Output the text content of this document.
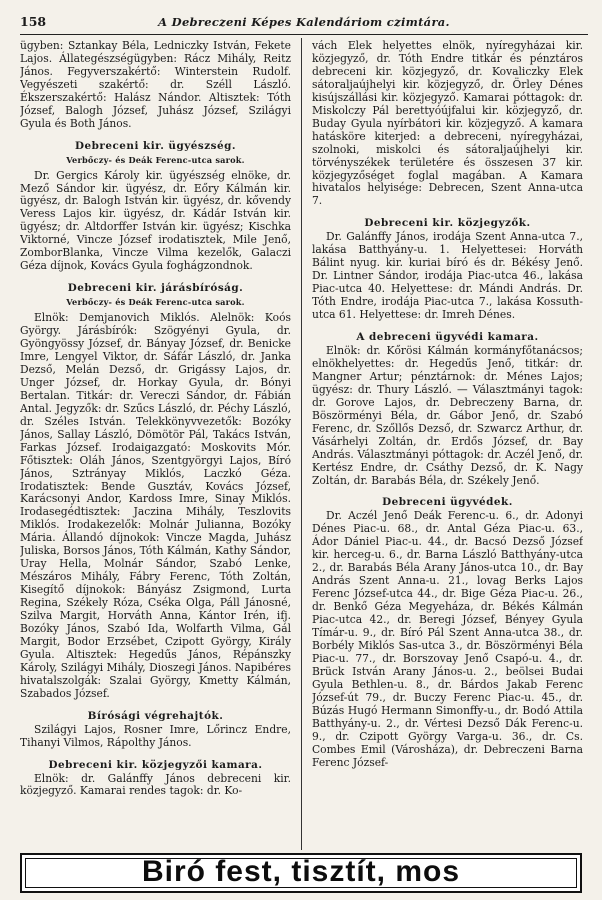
158	A Debreczeni Képes Kalendáriom czimtára.

ügyben: Sztankay Béla, Ledniczky István, Fekete Lajos. Állategészségügyben: Rácz Mihály, Reitz János. Fegyverszakértő: Winterstein Rudolf. Vegyészeti szakértő: dr. Széll László. Ékszerszakértő: Halász Nándor. Altisztek: Tóth József, Balogh József, Juhász József, Szilágyi Gyula és Both János.

Debreceni kir. ügyészség.
Verbőczy- és Deák Ferenc-utca sarok.

Dr. Gergics Károly kir. ügyészség elnöke, dr. Mező Sándor kir. ügyész, dr. Eőry Kálmán kir. ügyész, dr. Balogh István kir. ügyész, dr. kővendy Veress Lajos kir. ügyész, dr. Kádár István kir. ügyész; dr. Altdorffer István kir. ügyész; Kischka Viktorné, Vincze József irodatisztek, Mile Jenő, ZomborBlanka, Vincze Vilma kezelők, Galaczi Géza díjnok, Kovács Gyula foghágzondnok.

Debreceni kir. járásbíróság.
Verbőczy- és Deák Ferenc-utca sarok.

Elnök: Demjanovich Miklós. Alelnök: Koós György. Járásbírók: Szögyényi Gyula, dr. Gyöngyössy József, dr. Bányay József, dr. Benicke Imre, Lengyel Viktor, dr. Sáfár László, dr. Janka Dezső, Melán Dezső, dr. Grigássy Lajos, dr. Unger József, dr. Horkay Gyula, dr. Bónyi Bertalan. Titkár: dr. Vereczi Sándor, dr. Fábián Antal. Jegyzők: dr. Szűcs László, dr. Péchy László, dr. Széles István. Telekkönyvvezetők: Bozóky János, Sallay László, Dömötör Pál, Takács István, Farkas József. Irodaigazgató: Moskovits Mór. Főtisztek: Oláh János, Szentgyörgyi Lajos, Bíró János, Sztrányay Miklós, Laczkó Géza. Irodatisztek: Bende Gusztáv, Kovács József, Karácsonyi Andor, Kardoss Imre, Sinay Miklós. Irodasegédtisztek: Jaczina Mihály, Teszlovits Miklós. Irodakezelők: Molnár Julianna, Bozóky Mária. Állandó díjnokok: Vincze Magda, Juhász Juliska, Borsos János, Tóth Kálmán, Kathy Sándor, Uray Hella, Molnár Sándor, Szabó Lenke, Mészáros Mihály, Fábry Ferenc, Tóth Zoltán, Kisegítő díjnokok: Bányász Zsigmond, Lurta Regina, Székely Róza, Cséka Olga, Páll Jánosné, Szilva Margit, Horváth Anna, Kántor Irén, ifj. Bozóky János, Szabó Ida, Wolfarth Vilma, Gál Margit, Bodor Erzsébet, Czipott György, Király Gyula. Altisztek: Hegedűs János, Répánszky Károly, Szilágyi Mihály, Dioszegi János. Napibéres hivatalszolgák: Szalai György, Kmetty Kálmán, Szabados József.

Bírósági végrehajtók.

Szilágyi Lajos, Rosner Imre, Lőrincz Endre, Tihanyi Vilmos, Rápolthy János.

Debreceni kir. közjegyzői kamara.

Elnök: dr. Galánffy János debreceni kir. közjegyző. Kamarai rendes tagok: dr. Ko-

vách Elek helyettes elnök, nyíregyházai kir. közjegyző, dr. Tóth Endre titkár és pénztáros debreceni kir. közjegyző, dr. Kovaliczky Elek sátoraljaújhelyi kir. közjegyző, dr. Örley Dénes kisújszállási kir. közjegyző. Kamarai póttagok: dr. Miskolczy Pál berettyóújfalui kir. közjegyző, dr. Buday Gyula nyírbátori kir. közjegyző. A kamara hatásköre kiterjed: a debreceni, nyíregyházai, szolnoki, miskolci és sátoraljaújhelyi kir. törvényszékek területére és összesen 37 kir. közjegyzőséget foglal magában. A Kamara hivatalos helyisége: Debrecen, Szent Anna-utca 7.

Debreceni kir. közjegyzők.

Dr. Galánffy János, irodája Szent Anna-utca 7., lakása Batthyány-u. 1. Helyettesei: Horváth Bálint nyug. kir. kuriai bíró és dr. Békésy Jenő. Dr. Lintner Sándor, irodája Piac-utca 46., lakása Piac-utca 40. Helyettese: dr. Mándi András. Dr. Tóth Endre, irodája Piac-utca 7., lakása Kossuth-utca 61. Helyettese: dr. Imreh Dénes.

A debreceni ügyvédi kamara.

Elnök: dr. Kőrösi Kálmán kormányfőtanácsos; elnökhelyettes: dr. Hegedűs Jenő, titkár: dr. Mangner Artur; pénztárnok: dr. Ménes Lajos; ügyész: dr. Thury László. — Választmányi tagok: dr. Gorove Lajos, dr. Debreczeny Barna, dr. Böszörményi Béla, dr. Gábor Jenő, dr. Szabó Ferenc, dr. Szőllős Dezső, dr. Szwarcz Arthur, dr. Vásárhelyi Zoltán, dr. Erdős József, dr. Bay András. Választmányi póttagok: dr. Aczél Jenő, dr. Kertész Endre, dr. Csáthy Dezső, dr. K. Nagy Zoltán, dr. Barabás Béla, dr. Székely Jenő.

Debreceni ügyvédek.

Dr. Aczél Jenő Deák Ferenc-u. 6., dr. Adonyi Dénes Piac-u. 68., dr. Antal Géza Piac-u. 63., Ádor Dániel Piac-u. 44., dr. Bacsó Dezső József kir. herceg-u. 6., dr. Barna László Batthyány-utca 2., dr. Barabás Béla Arany János-utca 10., dr. Bay András Szent Anna-u. 21., lovag Berks Lajos Ferenc József-utca 44., dr. Bige Géza Piac-u. 26., dr. Benkő Géza Megyeháza, dr. Békés Kálmán Piac-utca 42., dr. Beregi József, Bényey Gyula Tímár-u. 9., dr. Bíró Pál Szent Anna-utca 38., dr. Borbély Miklós Sas-utca 3., dr. Böszörményi Béla Piac-u. 77., dr. Borszovay Jenő Csapó-u. 4., dr. Brück István Arany János-u. 2., beölsei Budai Gyula Bethlen-u. 8., dr. Bárdos Jakab Ferenc József-út 79., dr. Buczy Ferenc Piac-u. 45., dr. Búzás Hugó Hermann Simonffy-u., dr. Bodó Attila Batthyány-u. 2., dr. Vértesi Dezső Dák Ferenc-u. 9., dr. Czipott György Varga-u. 36., dr. Cs. Combes Emil (Városháza), dr. Debreczeni Barna Ferenc József-

Biró fest, tisztít, mos
